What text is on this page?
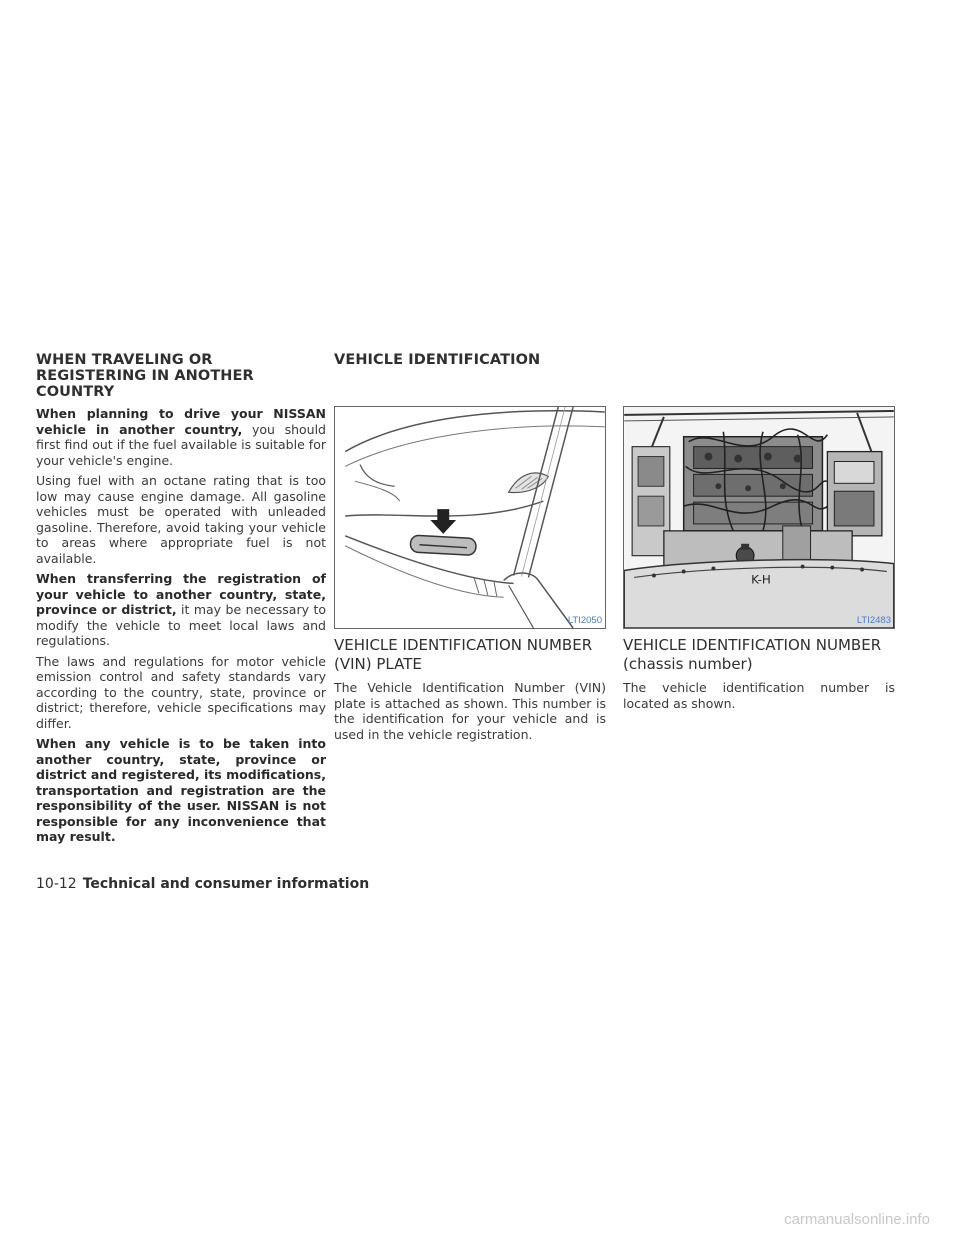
WHEN TRAVELING OR REGISTERING IN ANOTHER COUNTRY
VEHICLE IDENTIFICATION

When planning to drive your NISSAN vehicle in another country, you should first find out if the fuel available is suitable for your vehicle's engine.

Using fuel with an octane rating that is too low may cause engine damage. All gasoline vehicles must be operated with unleaded gasoline. Therefore, avoid taking your vehicle to areas where appropriate fuel is not available.

When transferring the registration of your vehicle to another country, state, province or district, it may be necessary to modify the vehicle to meet local laws and regulations.

The laws and regulations for motor vehicle emission control and safety standards vary according to the country, state, province or district; therefore, vehicle specifications may differ.

When any vehicle is to be taken into another country, state, province or district and registered, its modifications, transportation and registration are the responsibility of the user. NISSAN is not responsible for any inconvenience that may result.

LTI2050
K-H
LTI2483
VEHICLE IDENTIFICATION NUMBER (VIN) PLATE

The Vehicle Identification Number (VIN) plate is attached as shown. This number is the identification for your vehicle and is used in the vehicle registration.

VEHICLE IDENTIFICATION NUMBER (chassis number)

The vehicle identification number is located as shown.

10-12 Technical and consumer information
carmanualsonline.info
